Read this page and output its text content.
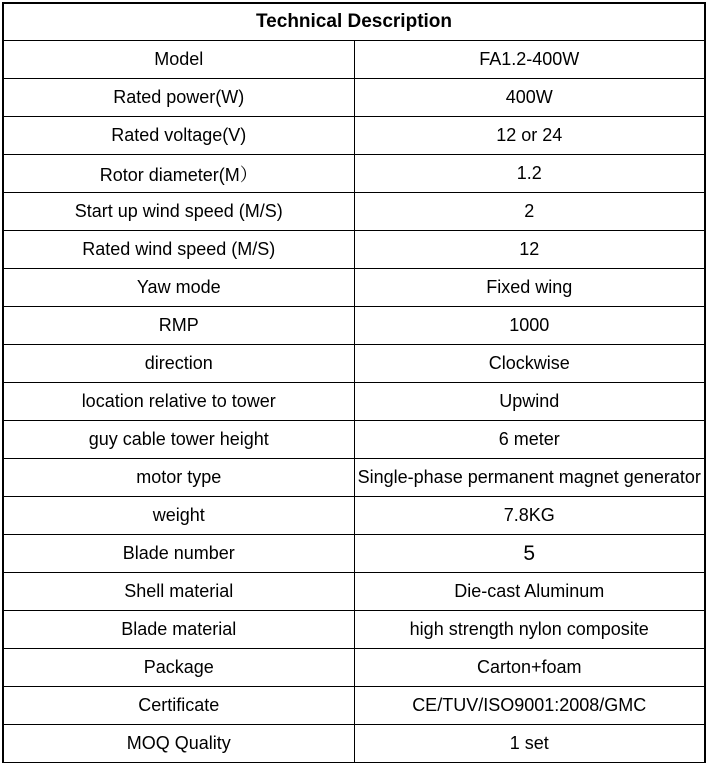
Technical Description	
Model	FA1.2-400W
Rated power(W)	400W
Rated voltage(V)	12 or 24
Rotor diameter(M）	1.2
Start up wind speed (M/S)	2
Rated wind speed (M/S)	12
Yaw mode	Fixed wing
RMP	1000
direction	Clockwise
location relative to tower	Upwind
guy cable tower height	6 meter
motor type	Single-phase permanent magnet generator
weight	7.8KG
Blade number	5
Shell material	Die-cast Aluminum
Blade material	high strength nylon composite
Package	Carton+foam
Certificate	CE/TUV/ISO9001:2008/GMC
MOQ Quality	1 set
